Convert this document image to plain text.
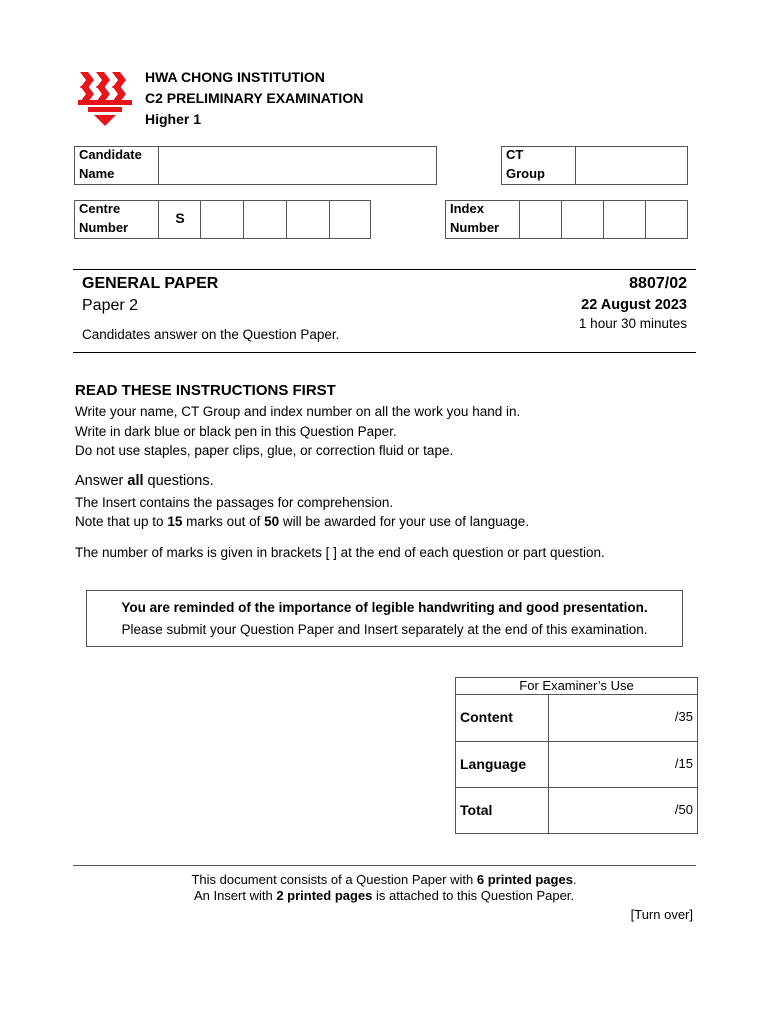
HWA CHONG INSTITUTION
C2 PRELIMINARY EXAMINATION
Higher 1
Candidate
Name
CT
Group
Centre
Number
S
Index
Number
GENERAL PAPER
Paper 2
Candidates answer on the Question Paper.
8807/02
22 August 2023
1 hour 30 minutes
READ THESE INSTRUCTIONS FIRST
Write your name, CT Group and index number on all the work you hand in.
Write in dark blue or black pen in this Question Paper.
Do not use staples, paper clips, glue, or correction fluid or tape.
Answer all questions.
The Insert contains the passages for comprehension.
Note that up to 15 marks out of 50 will be awarded for your use of language.
The number of marks is given in brackets [ ] at the end of each question or part question.
You are reminded of the importance of legible handwriting and good presentation.
Please submit your Question Paper and Insert separately at the end of this examination.
For Examiner’s Use
Content	/35
Language	/15
Total	/50
This document consists of a Question Paper with 6 printed pages.
An Insert with 2 printed pages is attached to this Question Paper.
[Turn over]
